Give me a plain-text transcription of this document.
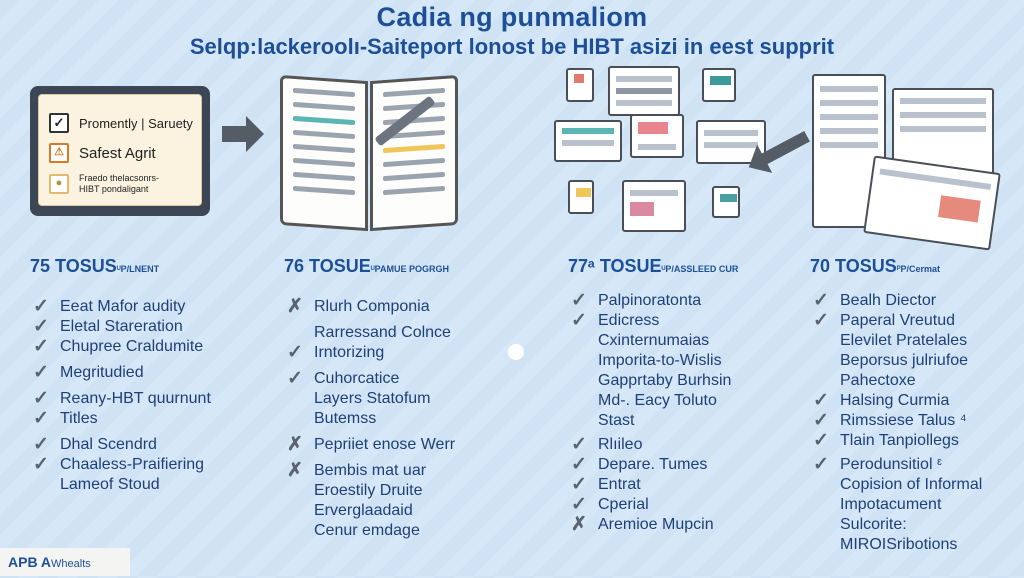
Cadia ng punmaliom
Selqp:lackeroolı-Saiteport lonost be HIBT asizi in eest supprit
✓	Promently | Saruety
⚠	Safest Agrit
●	Fraedo thelacsonrs-
HIBT pondaligant
75 TOSUSᵁP/LNENT
✓ Eeat Mafor audity
✓ Eletal Stareration
✓ Chupree Craldumite
✓ Megritudied
✓ Reany-HBT quurnunt
✓ Titles
✓ Dhal Scendrd
✓ Chaaless-Praifiering
Lameof Stoud
76 TOSUEᵁPAMUE POGRGH
✗ Rlurh Componia
Rarressand Colnce
✓ Irntorizing
✓ Cuhorcatice
Layers Statofum
Butemss
✗ Pepriiet enose Werr
✗ Bembis mat uar
Eroestily Druite
Erverglaadaid
Cenur emdage
77ᵃ TOSUEᵁP/ASSLEED CUR
✓ Palpinoratonta
✓ Edicress
Cxinternumaias
Imporita-to-Wislis
Gapprtaby Burhsin
Md-. Eacy Toluto
Stast
✓ Rlıileo
✓ Depare. Tumes
✓ Entrat
✓ Cperial
✗ Aremioe Mupcin
70 TOSUSᴾP/Cermat
✓ Bealh Diector
✓ Paperal Vreutud
Elevilet Pratelales
Beporsus julriufoe
Pahectoxe
✓ Halsing Curmia
✓ Rimssiese Talus ⁴
✓ Tlain Tanpiollegs
✓ Perodunsitiol ᵋ
Copision of Informal
Impotacument
Sulcorite:
MIROISribotions
APB AWhealts
